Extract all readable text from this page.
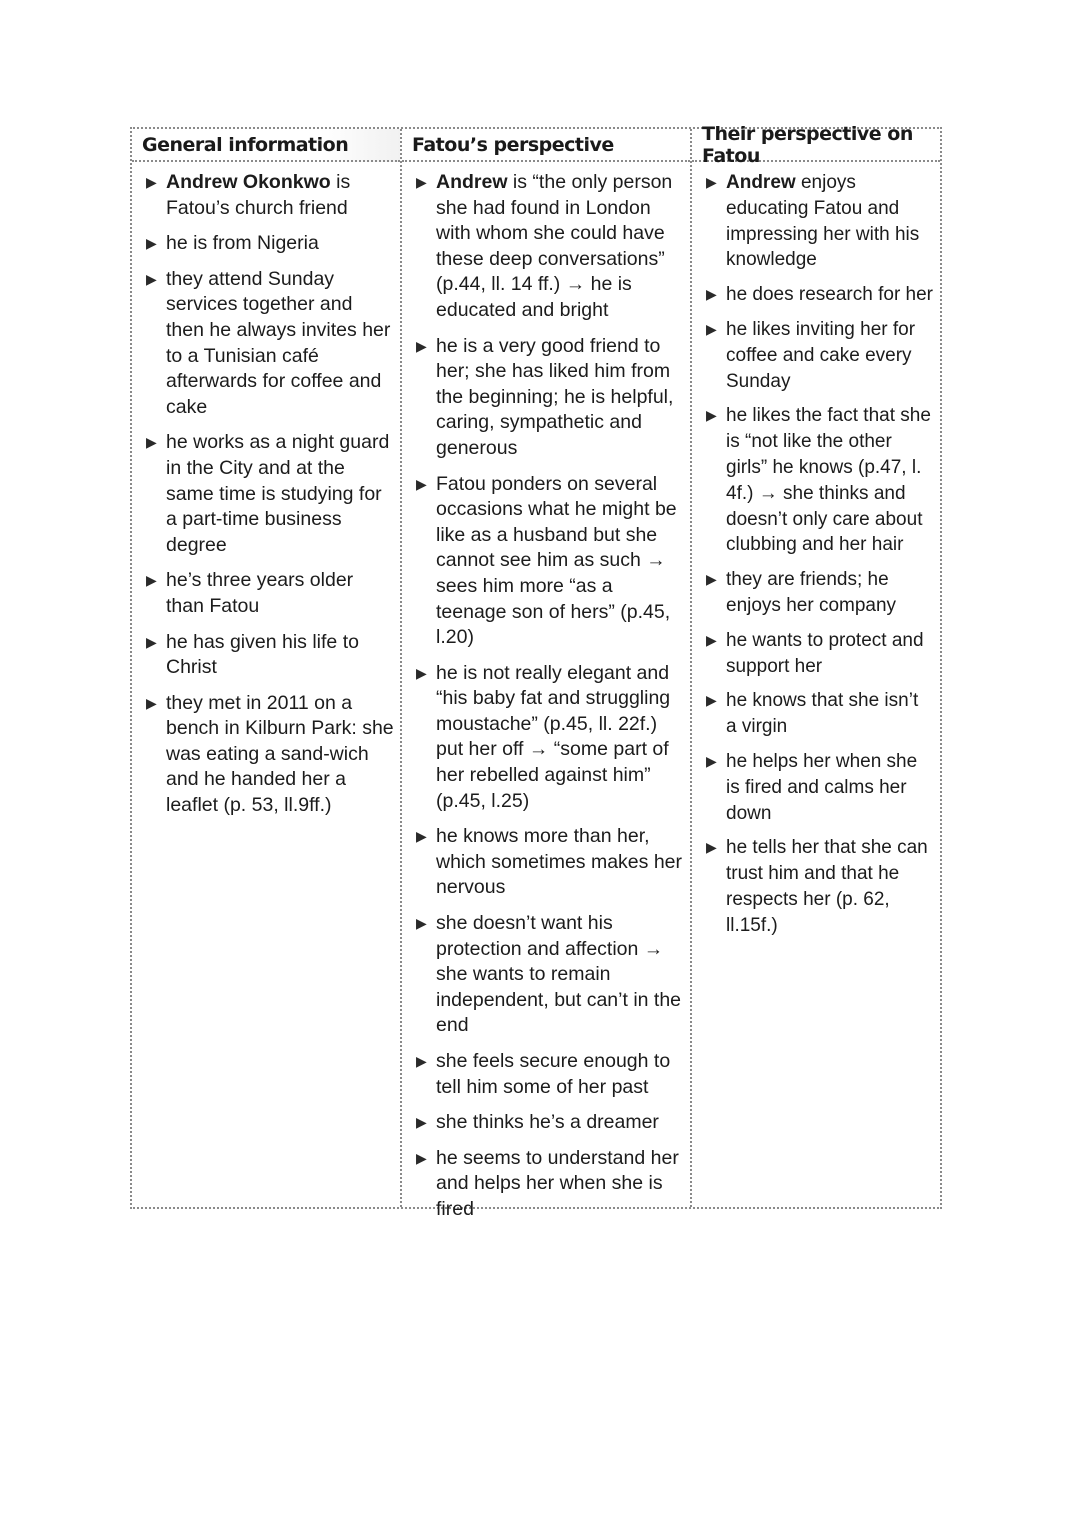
General information
▶ Andrew Okonkwo is Fatou’s church friend
▶ he is from Nigeria
▶ they attend Sunday services together and then he always invites her to a Tunisian café afterwards for coffee and cake
▶ he works as a night guard in the City and at the same time is studying for a part-time business degree
▶ he’s three years older than Fatou
▶ he has given his life to Christ
▶ they met in 2011 on a bench in Kilburn Park: she was eating a sand-wich and he handed her a leaflet (p. 53, ll.9ff.)
Fatou’s perspective
▶ Andrew is “the only person she had found in London with whom she could have these deep conversations” (p.44, ll. 14 ff.) → he is educated and bright
▶ he is a very good friend to her; she has liked him from the beginning; he is helpful, caring, sympathetic and generous
▶ Fatou ponders on several occasions what he might be like as a husband but she cannot see him as such → sees him more “as a teenage son of hers” (p.45, l.20)
▶ he is not really elegant and “his baby fat and struggling moustache” (p.45, ll. 22f.) put her off → “some part of her rebelled against him” (p.45, l.25)
▶ he knows more than her, which sometimes makes her nervous
▶ she doesn’t want his protection and affection → she wants to remain independent, but can’t in the end
▶ she feels secure enough to tell him some of her past
▶ she thinks he’s a dreamer
▶ he seems to understand her and helps her when she is fired
Their perspective on Fatou
▶ Andrew enjoys educating Fatou and impressing her with his knowledge
▶ he does research for her
▶ he likes inviting her for coffee and cake every Sunday
▶ he likes the fact that she is “not like the other girls” he knows (p.47, l. 4f.) → she thinks and doesn’t only care about clubbing and her hair
▶ they are friends; he enjoys her company
▶ he wants to protect and support her
▶ he knows that she isn’t a virgin
▶ he helps her when she is fired and calms her down
▶ he tells her that she can trust him and that he respects her (p. 62, ll.15f.)
